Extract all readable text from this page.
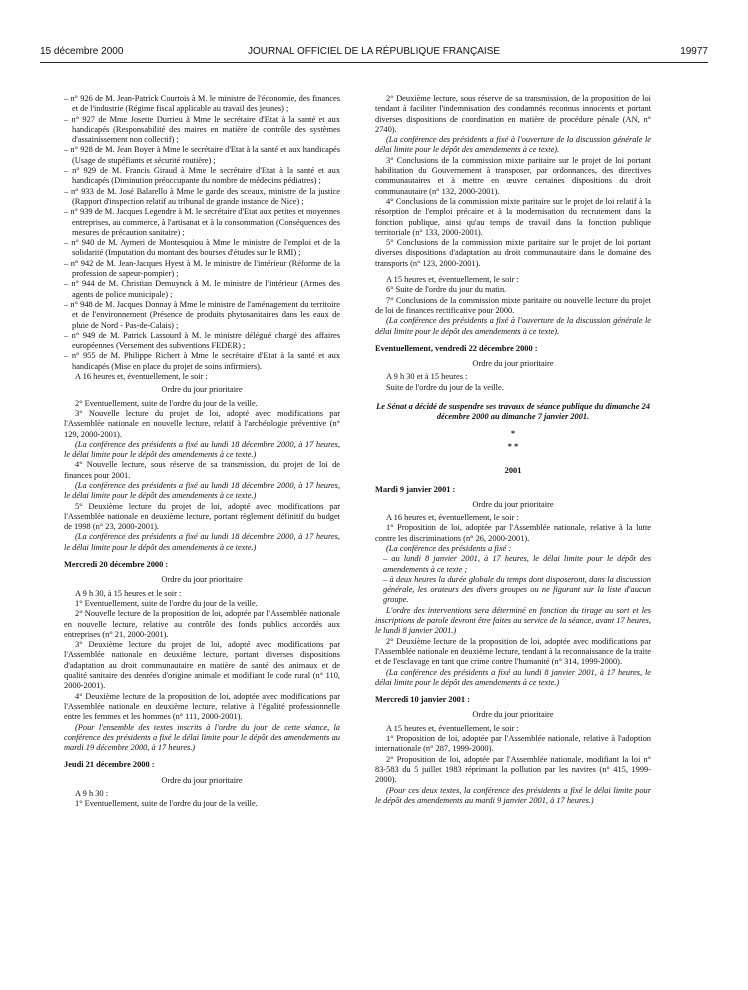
15 décembre 2000	JOURNAL OFFICIEL DE LA RÉPUBLIQUE FRANÇAISE	19977

– n° 926 de M. Jean-Patrick Courtois à M. le ministre de l'économie, des finances et de l'industrie (Régime fiscal applicable au travail des jeunes) ;

– n° 927 de Mme Josette Durrieu à Mme le secrétaire d'Etat à la santé et aux handicapés (Responsabilité des maires en matière de contrôle des systèmes d'assainissement non collectif) ;

– n° 928 de M. Jean Boyer à Mme le secrétaire d'Etat à la santé et aux handicapés (Usage de stupéfiants et sécurité routière) ;

– n° 929 de M. Francis Giraud à Mme le secrétaire d'Etat à la santé et aux handicapés (Diminution préoccupante du nombre de médecins pédiatres) ;

– n° 933 de M. José Balarello à Mme le garde des sceaux, ministre de la justice (Rapport d'inspection relatif au tribunal de grande instance de Nice) ;

– n° 939 de M. Jacques Legendre à M. le secrétaire d'Etat aux petites et moyennes entreprises, au commerce, à l'artisanat et à la consommation (Conséquences des mesures de précaution sanitaire) ;

– n° 940 de M. Aymeri de Montesquiou à Mme le ministre de l'emploi et de la solidarité (Imputation du montant des bourses d'études sur le RMI) ;

– n° 942 de M. Jean-Jacques Hyest à M. le ministre de l'intérieur (Réforme de la profession de sapeur-pompier) ;

– n° 944 de M. Christian Demuynck à M. le ministre de l'intérieur (Armes des agents de police municipale) ;

– n° 948 de M. Jacques Donnay à Mme le ministre de l'aménagement du territoire et de l'environnement (Présence de produits phytosanitaires dans les eaux de pluie de Nord - Pas-de-Calais) ;

– n° 949 de M. Patrick Lassourd à M. le ministre délégué chargé des affaires européennes (Versement des subventions FEDER) ;

– n° 955 de M. Philippe Richert à Mme le secrétaire d'Etat à la santé et aux handicapés (Mise en place du projet de soins infirmiers).

A 16 heures et, éventuellement, le soir :

Ordre du jour prioritaire

2° Eventuellement, suite de l'ordre du jour de la veille.

3° Nouvelle lecture du projet de loi, adopté avec modifications par l'Assemblée nationale en nouvelle lecture, relatif à l'archéologie préventive (n° 129, 2000-2001).

(La conférence des présidents a fixé au lundi 18 décembre 2000, à 17 heures, le délai limite pour le dépôt des amendements à ce texte.)

4° Nouvelle lecture, sous réserve de sa transmission, du projet de loi de finances pour 2001.

(La conférence des présidents a fixé au lundi 18 décembre 2000, à 17 heures, le délai limite pour le dépôt des amendements à ce texte.)

5° Deuxième lecture du projet de loi, adopté avec modifications par l'Assemblée nationale en deuxième lecture, portant règlement définitif du budget de 1998 (n° 23, 2000-2001).

(La conférence des présidents a fixé au lundi 18 décembre 2000, à 17 heures, le délai limite pour le dépôt des amendements à ce texte.)

Mercredi 20 décembre 2000 :
Ordre du jour prioritaire

A 9 h 30, à 15 heures et le soir :

1° Eventuellement, suite de l'ordre du jour de la veille.

2° Nouvelle lecture de la proposition de loi, adoptée par l'Assemblée nationale en nouvelle lecture, relative au contrôle des fonds publics accordés aux entreprises (n° 21, 2000-2001).

3° Deuxième lecture du projet de loi, adopté avec modifications par l'Assemblée nationale en deuxième lecture, portant diverses dispositions d'adaptation au droit communautaire en matière de santé des animaux et de qualité sanitaire des denrées d'origine animale et modifiant le code rural (n° 110, 2000-2001).

4° Deuxième lecture de la proposition de loi, adoptée avec modifications par l'Assemblée nationale en deuxième lecture, relative à l'égalité professionnelle entre les femmes et les hommes (n° 111, 2000-2001).

(Pour l'ensemble des textes inscrits à l'ordre du jour de cette séance, la conférence des présidents a fixé le délai limite pour le dépôt des amendements au mardi 19 décembre 2000, à 17 heures.)

Jeudi 21 décembre 2000 :
Ordre du jour prioritaire

A 9 h 30 :

1° Eventuellement, suite de l'ordre du jour de la veille.

2° Deuxième lecture, sous réserve de sa transmission, de la proposition de loi tendant à faciliter l'indemnisation des condamnés reconnus innocents et portant diverses dispositions de coordination en matière de procédure pénale (AN, n° 2740).

(La conférence des présidents a fixé à l'ouverture de la discussion générale le délai limite pour le dépôt des amendements à ce texte).

3° Conclusions de la commission mixte paritaire sur le projet de loi portant habilitation du Gouvernement à transposer, par ordonnances, des directives communautaires et à mettre en œuvre certaines dispositions du droit communautaire (n° 132, 2000-2001).

4° Conclusions de la commission mixte paritaire sur le projet de loi relatif à la résorption de l'emploi précaire et à la modernisation du recrutement dans la fonction publique, ainsi qu'au temps de travail dans la fonction publique territoriale (n° 133, 2000-2001).

5° Conclusions de la commission mixte paritaire sur le projet de loi portant diverses dispositions d'adaptation au droit communautaire dans le domaine des transports (n° 123, 2000-2001).

A 15 heures et, éventuellement, le soir :

6° Suite de l'ordre du jour du matin.

7° Conclusions de la commission mixte paritaire ou nouvelle lecture du projet de loi de finances rectificative pour 2000.

(La conférence des présidents a fixé à l'ouverture de la discussion générale le délai limite pour le dépôt des amendements à ce texte).

Eventuellement, vendredi 22 décembre 2000 :
Ordre du jour prioritaire

A 9 h 30 et à 15 heures :

Suite de l'ordre du jour de la veille.

Le Sénat a décidé de suspendre ses travaux de séance publique du dimanche 24 décembre 2000 au dimanche 7 janvier 2001.
*
* *
2001
Mardi 9 janvier 2001 :
Ordre du jour prioritaire

A 16 heures et, éventuellement, le soir :

1° Proposition de loi, adoptée par l'Assemblée nationale, relative à la lutte contre les discriminations (n° 26, 2000-2001).

(La conférence des présidents a fixé :

– au lundi 8 janvier 2001, à 17 heures, le délai limite pour le dépôt des amendements à ce texte ;

– à deux heures la durée globale du temps dont disposeront, dans la discussion générale, les orateurs des divers groupes ou ne figurant sur la liste d'aucun groupe.

L'ordre des interventions sera déterminé en fonction du tirage au sort et les inscriptions de parole devront être faites au service de la séance, avant 17 heures, le lundi 8 janvier 2001.)

2° Deuxième lecture de la proposition de loi, adoptée avec modifications par l'Assemblée nationale en deuxième lecture, tendant à la reconnaissance de la traite et de l'esclavage en tant que crime contre l'humanité (n° 314, 1999-2000).

(La conférence des présidents a fixé au lundi 8 janvier 2001, à 17 heures, le délai limite pour le dépôt des amendements à ce texte.)

Mercredi 10 janvier 2001 :
Ordre du jour prioritaire

A 15 heures et, éventuellement, le soir :

1° Proposition de loi, adoptée par l'Assemblée nationale, relative à l'adoption internationale (n° 287, 1999-2000).

2° Proposition de loi, adoptée par l'Assemblée nationale, modifiant la loi n° 83-583 du 5 juillet 1983 réprimant la pollution par les navires (n° 415, 1999-2000).

(Pour ces deux textes, la conférence des présidents a fixé le délai limite pour le dépôt des amendements au mardi 9 janvier 2001, à 17 heures.)
